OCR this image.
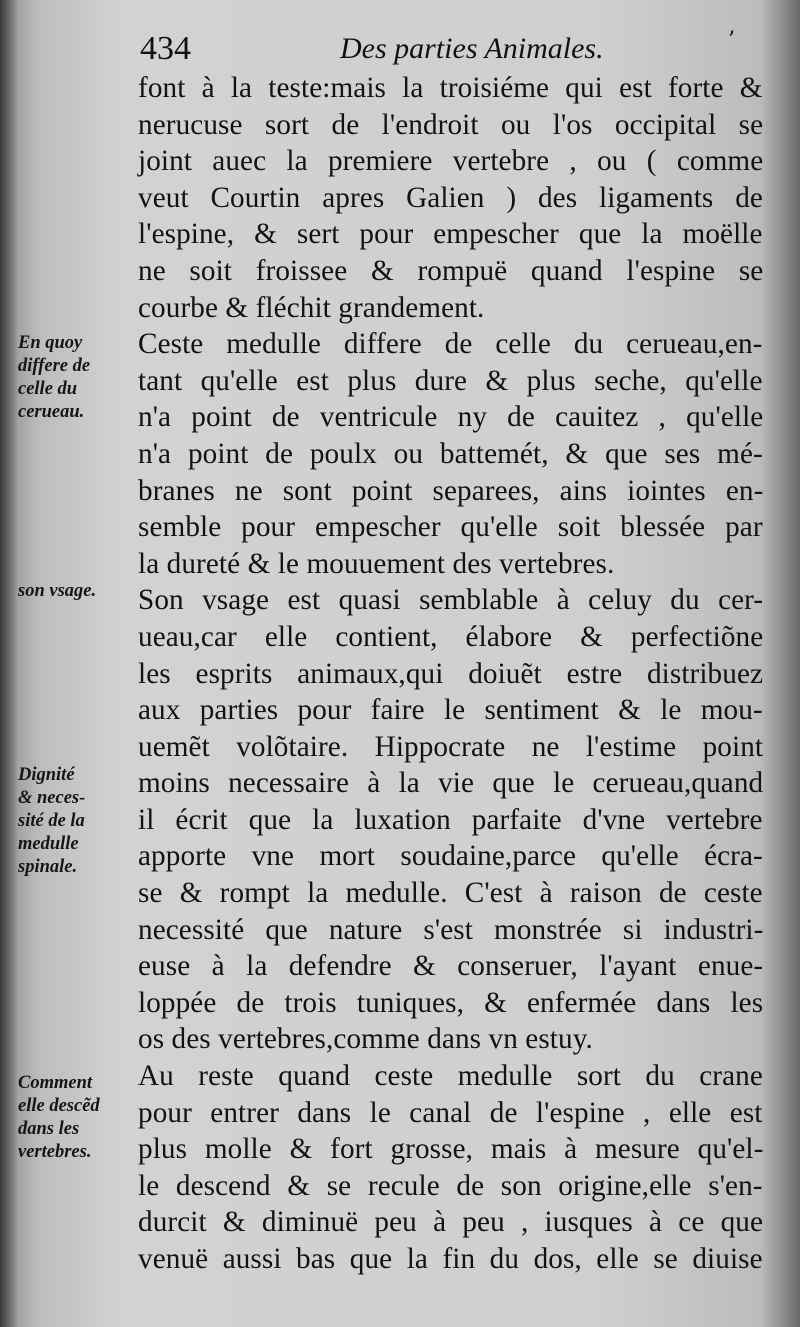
434	Des parties Animales.	’
font à la teste:mais la troisiéme qui est forte &
nerucuse sort de l'endroit ou l'os occipital se
joint auec la premiere vertebre , ou ( comme
veut Courtin apres Galien ) des ligaments de
l'espine, & sert pour empescher que la moëlle
ne soit froissee & rompuë quand l'espine se
courbe & fléchit grandement.
Ceste medulle differe de celle du cerueau,en-
tant qu'elle est plus dure & plus seche, qu'elle
n'a point de ventricule ny de cauitez , qu'elle
n'a point de poulx ou battemét, & que ses mé-
branes ne sont point separees, ains iointes en-
semble pour empescher qu'elle soit blessée par
la dureté & le mouuement des vertebres.
Son vsage est quasi semblable à celuy du cer-
ueau,car elle contient, élabore & perfectiõne
les esprits animaux,qui doiuẽt estre distribuez
aux parties pour faire le sentiment & le mou-
uemẽt volõtaire. Hippocrate ne l'estime point
moins necessaire à la vie que le cerueau,quand
il écrit que la luxation parfaite d'vne vertebre
apporte vne mort soudaine,parce qu'elle écra-
se & rompt la medulle. C'est à raison de ceste
necessité que nature s'est monstrée si industri-
euse à la defendre & conseruer, l'ayant enue-
loppée de trois tuniques, & enfermée dans les
os des vertebres,comme dans vn estuy.
Au reste quand ceste medulle sort du crane
pour entrer dans le canal de l'espine , elle est
plus molle & fort grosse, mais à mesure qu'el-
le descend & se recule de son origine,elle s'en-
durcit & diminuë peu à peu , iusques à ce que
venuë aussi bas que la fin du dos, elle se diuise
En quoy
differe de
celle du
cerueau.
son vsage.
Dignité
& neces-
sité de la
medulle
spinale.
Comment
elle descẽd
dans les
vertebres.
